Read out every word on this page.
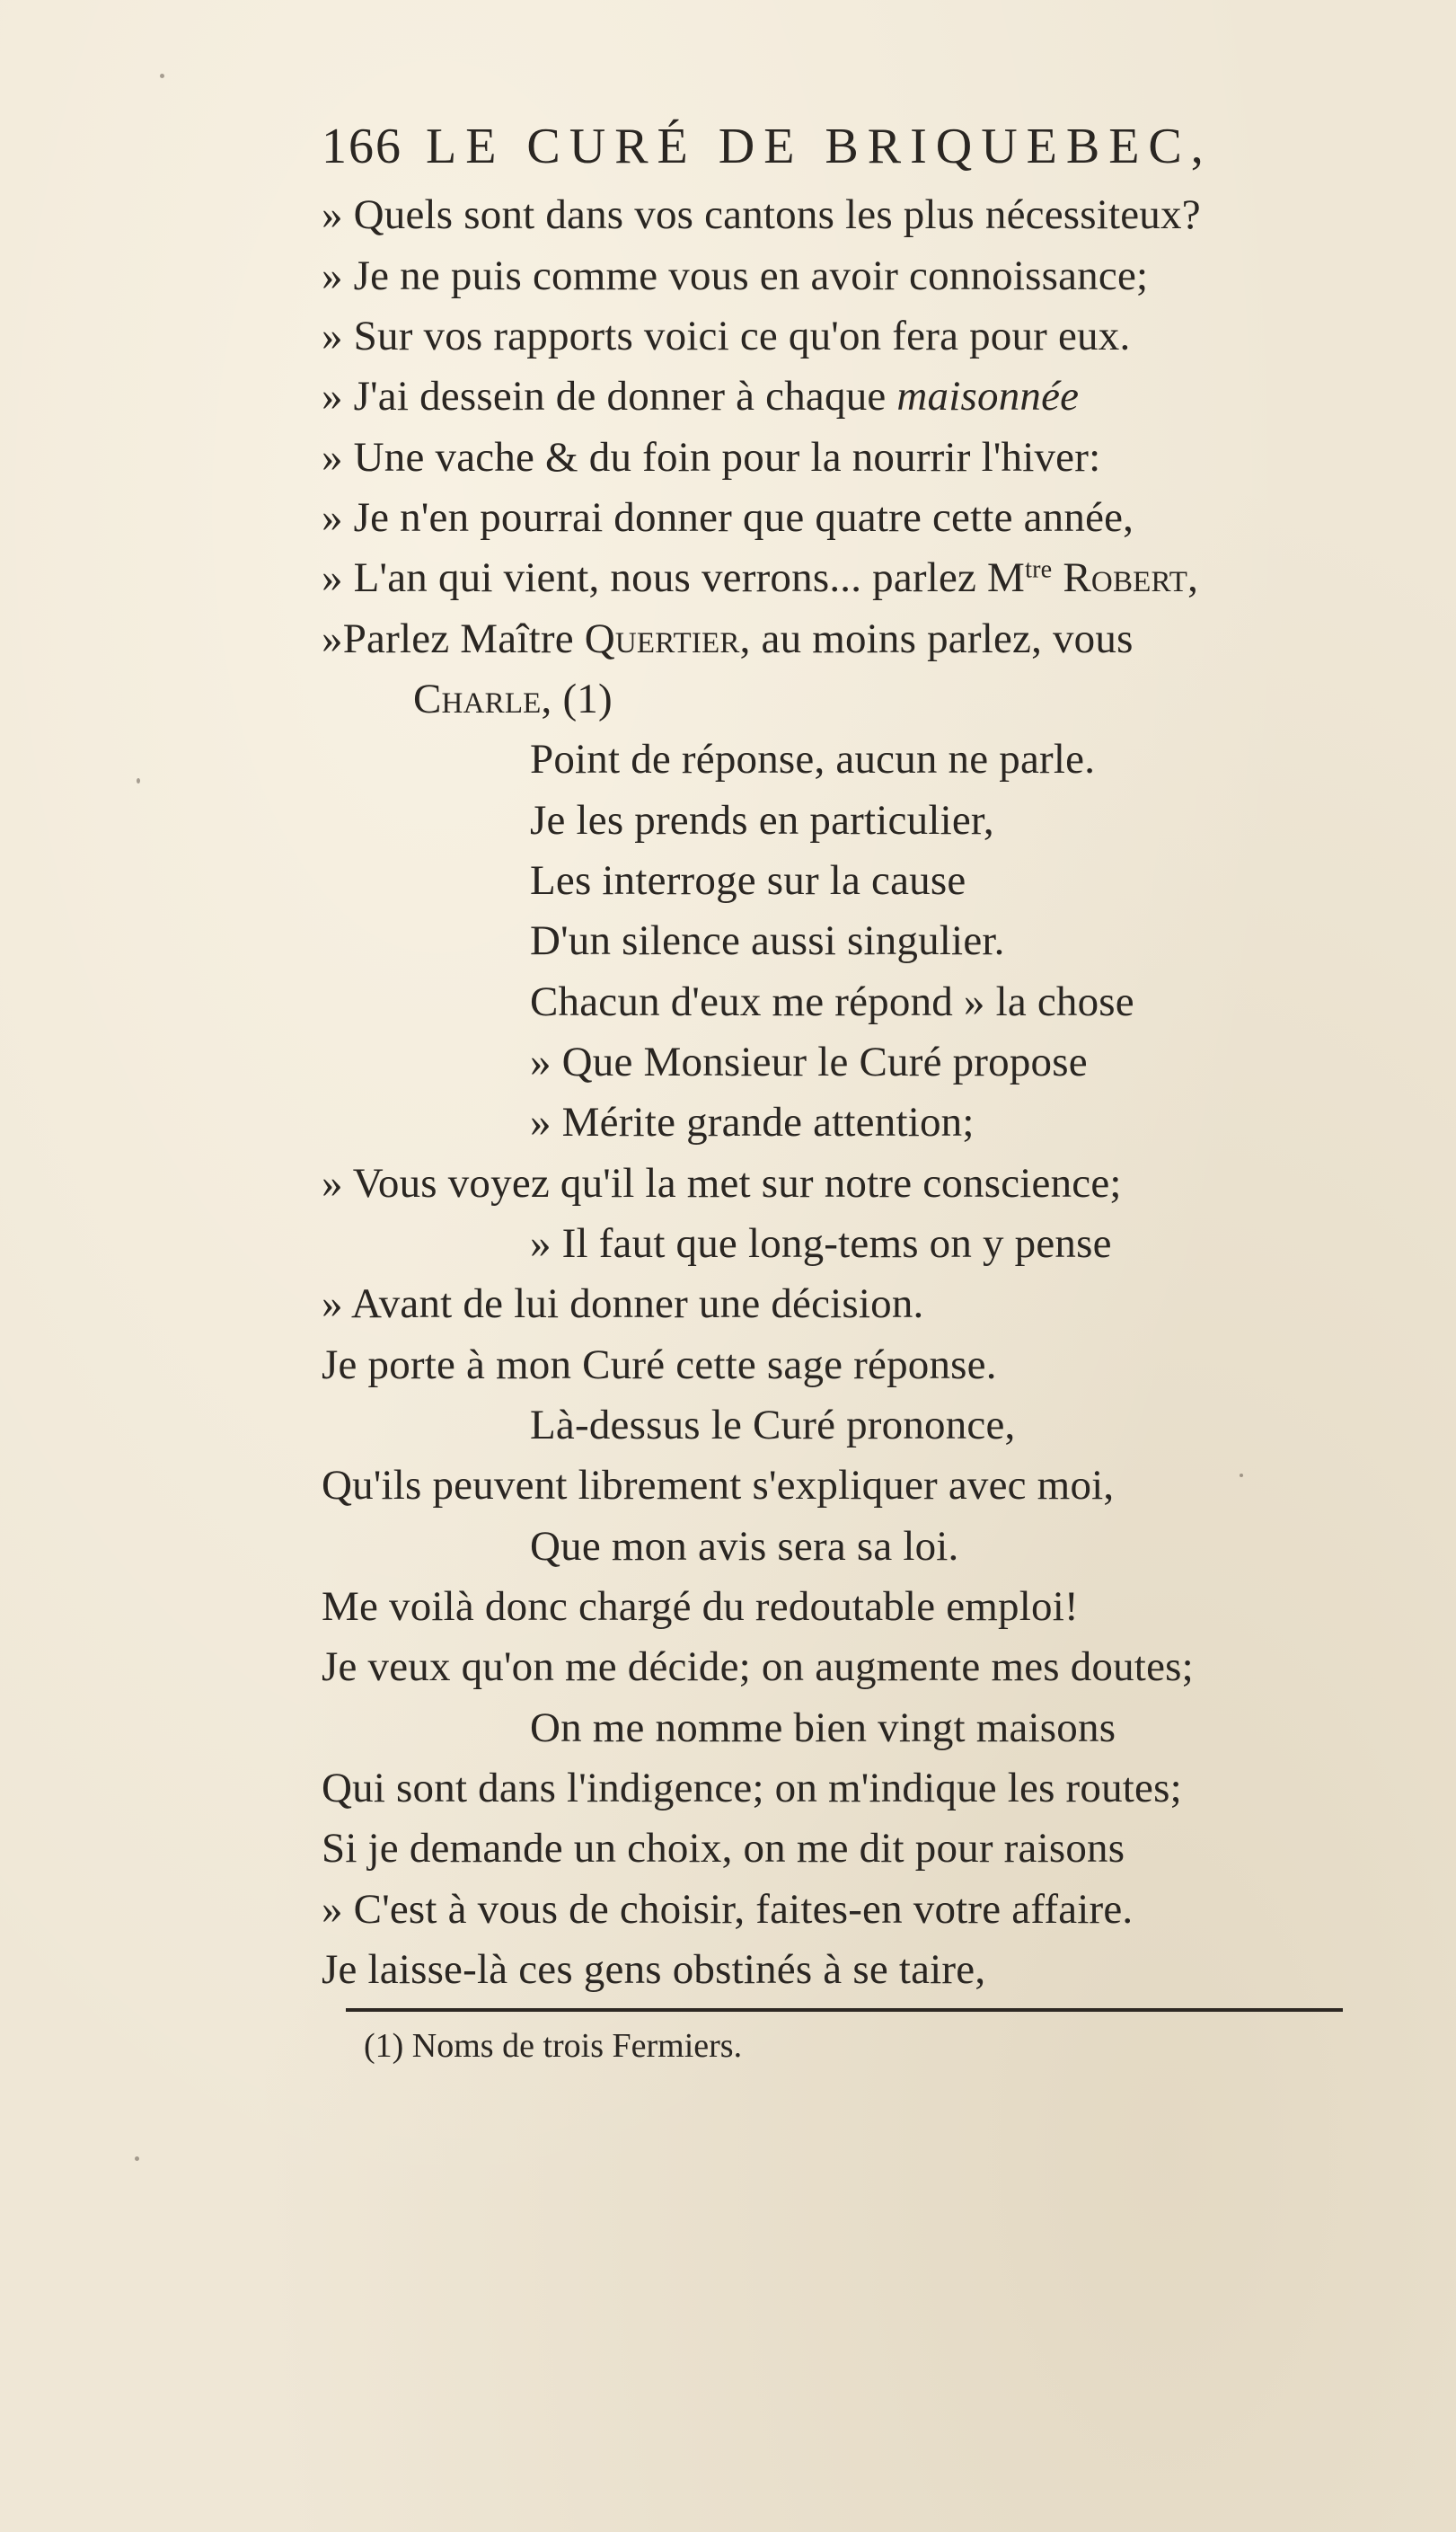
166 LE CURÉ DE BRIQUEBEC,
» Quels sont dans vos cantons les plus nécessiteux?
» Je ne puis comme vous en avoir connoissance;
» Sur vos rapports voici ce qu'on fera pour eux.
» J'ai dessein de donner à chaque maisonnée
» Une vache & du foin pour la nourrir l'hiver:
» Je n'en pourrai donner que quatre cette année,
» L'an qui vient, nous verrons... parlez $M^{tre}$ Robert,
»Parlez Maître Quertier, au moins parlez, vous
Charle, (1)
Point de réponse, aucun ne parle.
Je les prends en particulier,
Les interroge sur la cause
D'un silence aussi singulier.
Chacun d'eux me répond » la chose
» Que Monsieur le Curé propose
» Mérite grande attention;
» Vous voyez qu'il la met sur notre conscience;
» Il faut que long-tems on y pense
» Avant de lui donner une décision.
Je porte à mon Curé cette sage réponse.
Là-dessus le Curé prononce,
Qu'ils peuvent librement s'expliquer avec moi,
Que mon avis sera sa loi.
Me voilà donc chargé du redoutable emploi!
Je veux qu'on me décide; on augmente mes doutes;
On me nomme bien vingt maisons
Qui sont dans l'indigence; on m'indique les routes;
Si je demande un choix, on me dit pour raisons
» C'est à vous de choisir, faites-en votre affaire.
Je laisse-là ces gens obstinés à se taire,
(1) Noms de trois Fermiers.
